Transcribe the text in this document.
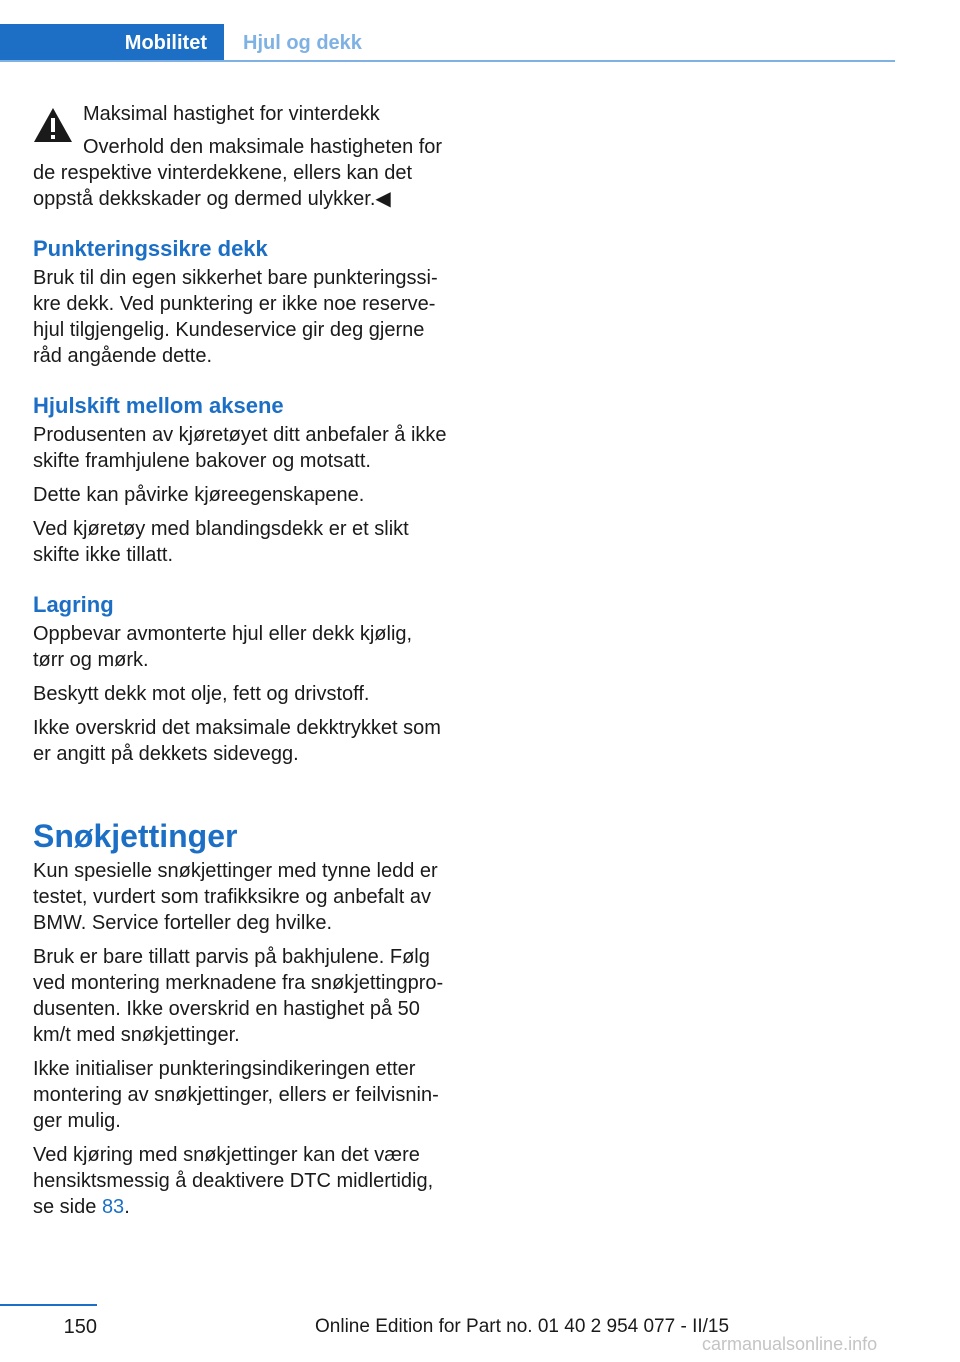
Mobilitet	Hjul og dekk

Maksimal hastighet for vinterdekk

Overhold den maksimale hastigheten for de respektive vinterdekkene, ellers kan det oppstå dekkskader og dermed ulykker.◀

Punkteringssikre dekk

Bruk til din egen sikkerhet bare punkteringssikre dekk. Ved punktering er ikke noe reservehjul tilgjengelig. Kundeservice gir deg gjerne råd angående dette.

Hjulskift mellom aksene

Produsenten av kjøretøyet ditt anbefaler å ikke skifte framhjulene bakover og motsatt.

Dette kan påvirke kjøreegenskapene.

Ved kjøretøy med blandingsdekk er et slikt skifte ikke tillatt.

Lagring

Oppbevar avmonterte hjul eller dekk kjølig, tørr og mørk.

Beskytt dekk mot olje, fett og drivstoff.

Ikke overskrid det maksimale dekktrykket som er angitt på dekkets sidevegg.

Snøkjettinger

Kun spesielle snøkjettinger med tynne ledd er testet, vurdert som trafikksikre og anbefalt av BMW. Service forteller deg hvilke.

Bruk er bare tillatt parvis på bakhjulene. Følg ved montering merknadene fra snøkjettingprodusenten. Ikke overskrid en hastighet på 50 km/t med snøkjettinger.

Ikke initialiser punkteringsindikeringen etter montering av snøkjettinger, ellers er feilvisninger mulig.

Ved kjøring med snøkjettinger kan det være hensiktsmessig å deaktivere DTC midlertidig, se side 83.

150	Online Edition for Part no. 01 40 2 954 077 - II/15
carmanualsonline.info
